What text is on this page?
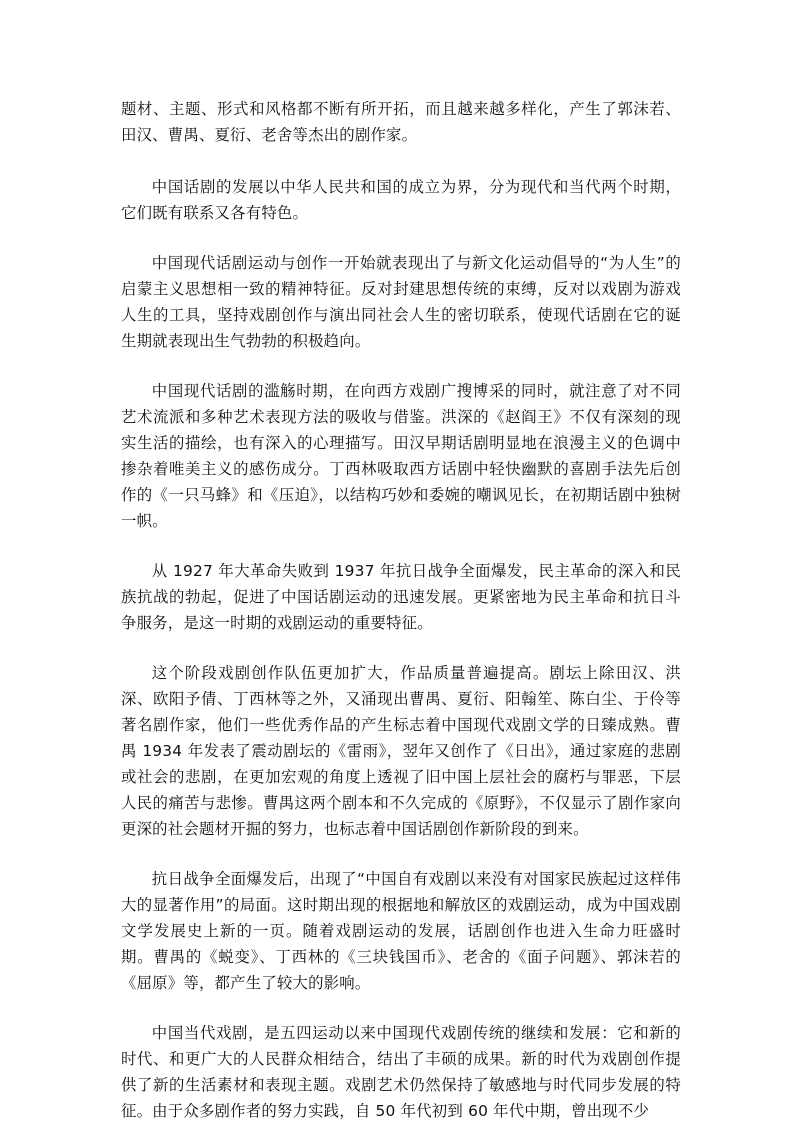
题材、主题、形式和风格都不断有所开拓，而且越来越多样化，产生了郭沫若、田汉、曹禺、夏衍、老舍等杰出的剧作家。

中国话剧的发展以中华人民共和国的成立为界，分为现代和当代两个时期，它们既有联系又各有特色。

中国现代话剧运动与创作一开始就表现出了与新文化运动倡导的“为人生”的启蒙主义思想相一致的精神特征。反对封建思想传统的束缚，反对以戏剧为游戏人生的工具，坚持戏剧创作与演出同社会人生的密切联系，使现代话剧在它的诞生期就表现出生气勃勃的积极趋向。

中国现代话剧的滥觞时期，在向西方戏剧广搜博采的同时，就注意了对不同艺术流派和多种艺术表现方法的吸收与借鉴。洪深的《赵阎王》不仅有深刻的现实生活的描绘，也有深入的心理描写。田汉早期话剧明显地在浪漫主义的色调中掺杂着唯美主义的感伤成分。丁西林吸取西方话剧中轻快幽默的喜剧手法先后创作的《一只马蜂》和《压迫》，以结构巧妙和委婉的嘲讽见长，在初期话剧中独树一帜。

从 1927 年大革命失败到 1937 年抗日战争全面爆发，民主革命的深入和民族抗战的勃起，促进了中国话剧运动的迅速发展。更紧密地为民主革命和抗日斗争服务，是这一时期的戏剧运动的重要特征。

这个阶段戏剧创作队伍更加扩大，作品质量普遍提高。剧坛上除田汉、洪深、欧阳予倩、丁西林等之外，又涌现出曹禺、夏衍、阳翰笙、陈白尘、于伶等著名剧作家，他们一些优秀作品的产生标志着中国现代戏剧文学的日臻成熟。曹禺 1934 年发表了震动剧坛的《雷雨》，翌年又创作了《日出》，通过家庭的悲剧或社会的悲剧，在更加宏观的角度上透视了旧中国上层社会的腐朽与罪恶，下层人民的痛苦与悲惨。曹禺这两个剧本和不久完成的《原野》，不仅显示了剧作家向更深的社会题材开掘的努力，也标志着中国话剧创作新阶段的到来。

抗日战争全面爆发后，出现了“中国自有戏剧以来没有对国家民族起过这样伟大的显著作用”的局面。这时期出现的根据地和解放区的戏剧运动，成为中国戏剧文学发展史上新的一页。随着戏剧运动的发展，话剧创作也进入生命力旺盛时期。曹禺的《蜕变》、丁西林的《三块钱国币》、老舍的《面子问题》、郭沫若的《屈原》等，都产生了较大的影响。

中国当代戏剧，是五四运动以来中国现代戏剧传统的继续和发展：它和新的时代、和更广大的人民群众相结合，结出了丰硕的成果。新的时代为戏剧创作提供了新的生活素材和表现主题。戏剧艺术仍然保持了敏感地与时代同步发展的特征。由于众多剧作者的努力实践，自 50 年代初到 60 年代中期，曾出现不少
